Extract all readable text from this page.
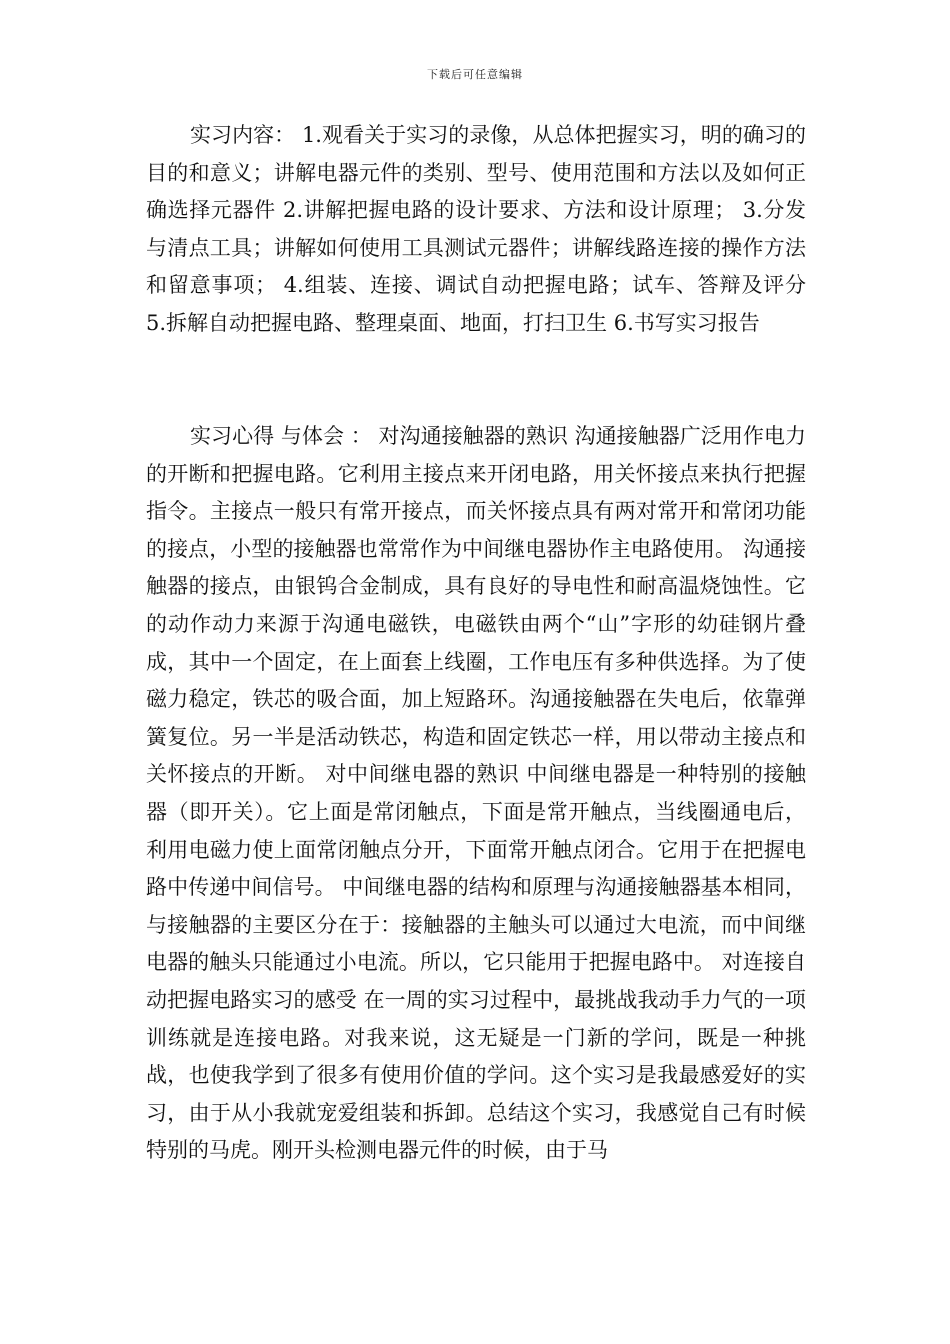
下载后可任意编辑

实习内容： 1.观看关于实习的录像，从总体把握实习，明的确习的目的和意义；讲解电器元件的类别、型号、使用范围和方法以及如何正确选择元器件 2.讲解把握电路的设计要求、方法和设计原理； 3.分发与清点工具；讲解如何使用工具测试元器件；讲解线路连接的操作方法和留意事项； 4.组装、连接、调试自动把握电路；试车、答辩及评分 5.拆解自动把握电路、整理桌面、地面，打扫卫生 6.书写实习报告

实习心得 与体会 ： 对沟通接触器的熟识 沟通接触器广泛用作电力的开断和把握电路。它利用主接点来开闭电路，用关怀接点来执行把握指令。主接点一般只有常开接点，而关怀接点具有两对常开和常闭功能的接点，小型的接触器也常常作为中间继电器协作主电路使用。 沟通接触器的接点，由银钨合金制成，具有良好的导电性和耐高温烧蚀性。它的动作动力来源于沟通电磁铁，电磁铁由两个“山”字形的幼硅钢片叠成，其中一个固定，在上面套上线圈，工作电压有多种供选择。为了使磁力稳定，铁芯的吸合面，加上短路环。沟通接触器在失电后，依靠弹簧复位。另一半是活动铁芯，构造和固定铁芯一样，用以带动主接点和关怀接点的开断。 对中间继电器的熟识 中间继电器是一种特别的接触器（即开关）。它上面是常闭触点，下面是常开触点，当线圈通电后，利用电磁力使上面常闭触点分开，下面常开触点闭合。它用于在把握电路中传递中间信号。 中间继电器的结构和原理与沟通接触器基本相同，与接触器的主要区分在于：接触器的主触头可以通过大电流，而中间继电器的触头只能通过小电流。所以，它只能用于把握电路中。 对连接自动把握电路实习的感受 在一周的实习过程中，最挑战我动手力气的一项训练就是连接电路。对我来说，这无疑是一门新的学问，既是一种挑战，也使我学到了很多有使用价值的学问。这个实习是我最感爱好的实习，由于从小我就宠爱组装和拆卸。总结这个实习，我感觉自己有时候特别的马虎。刚开头检测电器元件的时候，由于马
